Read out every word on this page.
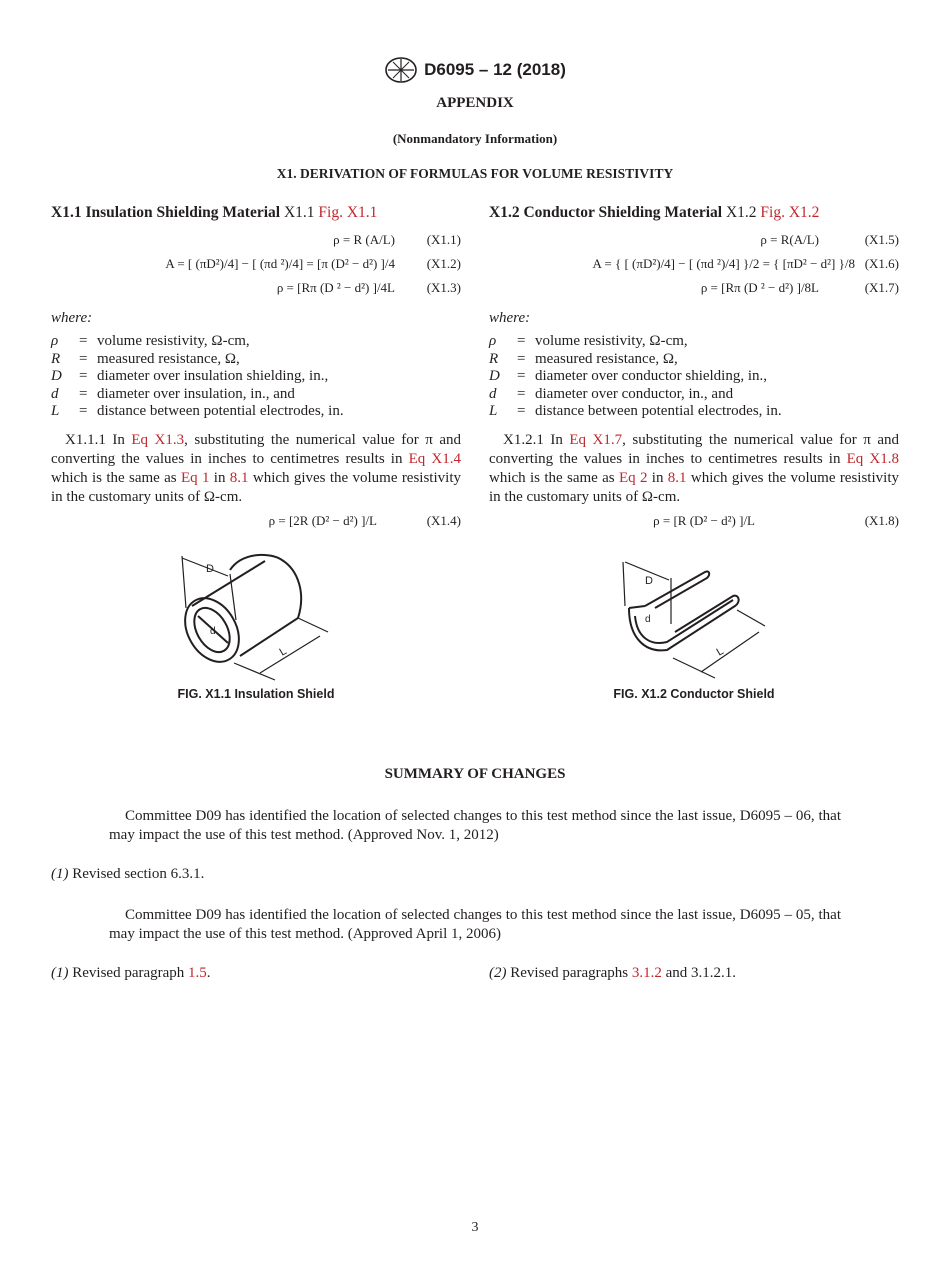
D6095 – 12 (2018)
APPENDIX
(Nonmandatory Information)
X1. DERIVATION OF FORMULAS FOR VOLUME RESISTIVITY
X1.1 Insulation Shielding Material X1.1 Fig. X1.1
ρ = R (A/L)	(X1.1)
A = [ (πD²)/4] − [ (πd ²)/4] = [π (D² − d²) ]/4	(X1.2)
ρ = [Rπ (D ² − d²) ]/4L	(X1.3)
where:
ρ	= volume resistivity, Ω-cm,
R	= measured resistance, Ω,
D	= diameter over insulation shielding, in.,
d	= diameter over insulation, in., and
L	= distance between potential electrodes, in.
X1.1.1 In Eq X1.3, substituting the numerical value for π and converting the values in inches to centimetres results in Eq X1.4 which is the same as Eq 1 in 8.1 which gives the volume resistivity in the customary units of Ω-cm.
ρ = [2R (D² − d²) ]/L	(X1.4)
D
d
L
FIG. X1.1 Insulation Shield
X1.2 Conductor Shielding Material X1.2 Fig. X1.2
ρ = R(A/L)	(X1.5)
A = { [ (πD²)/4] − [ (πd ²)/4] }/2 = { [πD² − d²] }/8 (X1.6)
ρ = [Rπ (D ² − d²) ]/8L	(X1.7)
where:
ρ	= volume resistivity, Ω-cm,
R	= measured resistance, Ω,
D	= diameter over conductor shielding, in.,
d	= diameter over conductor, in., and
L	= distance between potential electrodes, in.
X1.2.1 In Eq X1.7, substituting the numerical value for π and converting the values in inches to centimetres results in Eq X1.8 which is the same as Eq 2 in 8.1 which gives the volume resistivity in the customary units of Ω-cm.
ρ = [R (D² − d²) ]/L	(X1.8)
D
d
L
FIG. X1.2 Conductor Shield
SUMMARY OF CHANGES
Committee D09 has identified the location of selected changes to this test method since the last issue, D6095 – 06, that may impact the use of this test method. (Approved Nov. 1, 2012)
(1) Revised section 6.3.1.
Committee D09 has identified the location of selected changes to this test method since the last issue, D6095 – 05, that may impact the use of this test method. (Approved April 1, 2006)
(1) Revised paragraph 1.5.	(2) Revised paragraphs 3.1.2 and 3.1.2.1.
3
